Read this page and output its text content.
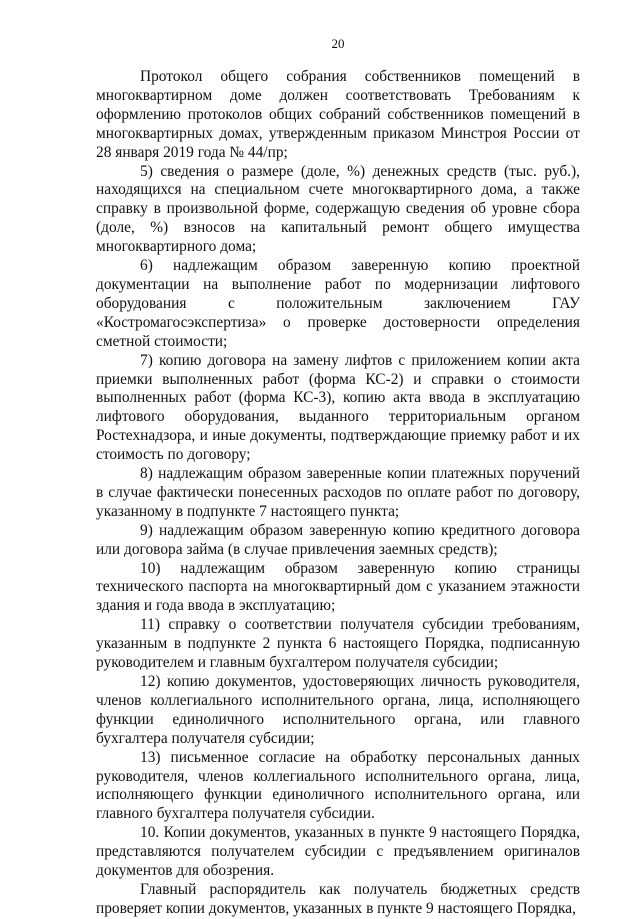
20

Протокол общего собрания собственников помещений в многоквартирном доме должен соответствовать Требованиям к оформлению протоколов общих собраний собственников помещений в многоквартирных домах, утвержденным приказом Минстроя России от 28 января 2019 года № 44/пр;

5) сведения о размере (доле, %) денежных средств (тыс. руб.), находящихся на специальном счете многоквартирного дома, а также справку в произвольной форме, содержащую сведения об уровне сбора (доле, %) взносов на капитальный ремонт общего имущества многоквартирного дома;

6) надлежащим образом заверенную копию проектной документации на выполнение работ по модернизации лифтового оборудования с положительным заключением ГАУ «Костромагосэкспертиза» о проверке достоверности определения сметной стоимости;

7) копию договора на замену лифтов с приложением копии акта приемки выполненных работ (форма КС-2) и справки о стоимости выполненных работ (форма КС-3), копию акта ввода в эксплуатацию лифтового оборудования, выданного территориальным органом Ростехнадзора, и иные документы, подтверждающие приемку работ и их стоимость по договору;

8) надлежащим образом заверенные копии платежных поручений в случае фактически понесенных расходов по оплате работ по договору, указанному в подпункте 7 настоящего пункта;

9) надлежащим образом заверенную копию кредитного договора или договора займа (в случае привлечения заемных средств);

10) надлежащим образом заверенную копию страницы технического паспорта на многоквартирный дом с указанием этажности здания и года ввода в эксплуатацию;

11) справку о соответствии получателя субсидии требованиям, указанным в подпункте 2 пункта 6 настоящего Порядка, подписанную руководителем и главным бухгалтером получателя субсидии;

12) копию документов, удостоверяющих личность руководителя, членов коллегиального исполнительного органа, лица, исполняющего функции единоличного исполнительного органа, или главного бухгалтера получателя субсидии;

13) письменное согласие на обработку персональных данных руководителя, членов коллегиального исполнительного органа, лица, исполняющего функции единоличного исполнительного органа, или главного бухгалтера получателя субсидии.

10. Копии документов, указанных в пункте 9 настоящего Порядка, представляются получателем субсидии с предъявлением оригиналов документов для обозрения.

Главный распорядитель как получатель бюджетных средств проверяет копии документов, указанных в пункте 9 настоящего Порядка,
